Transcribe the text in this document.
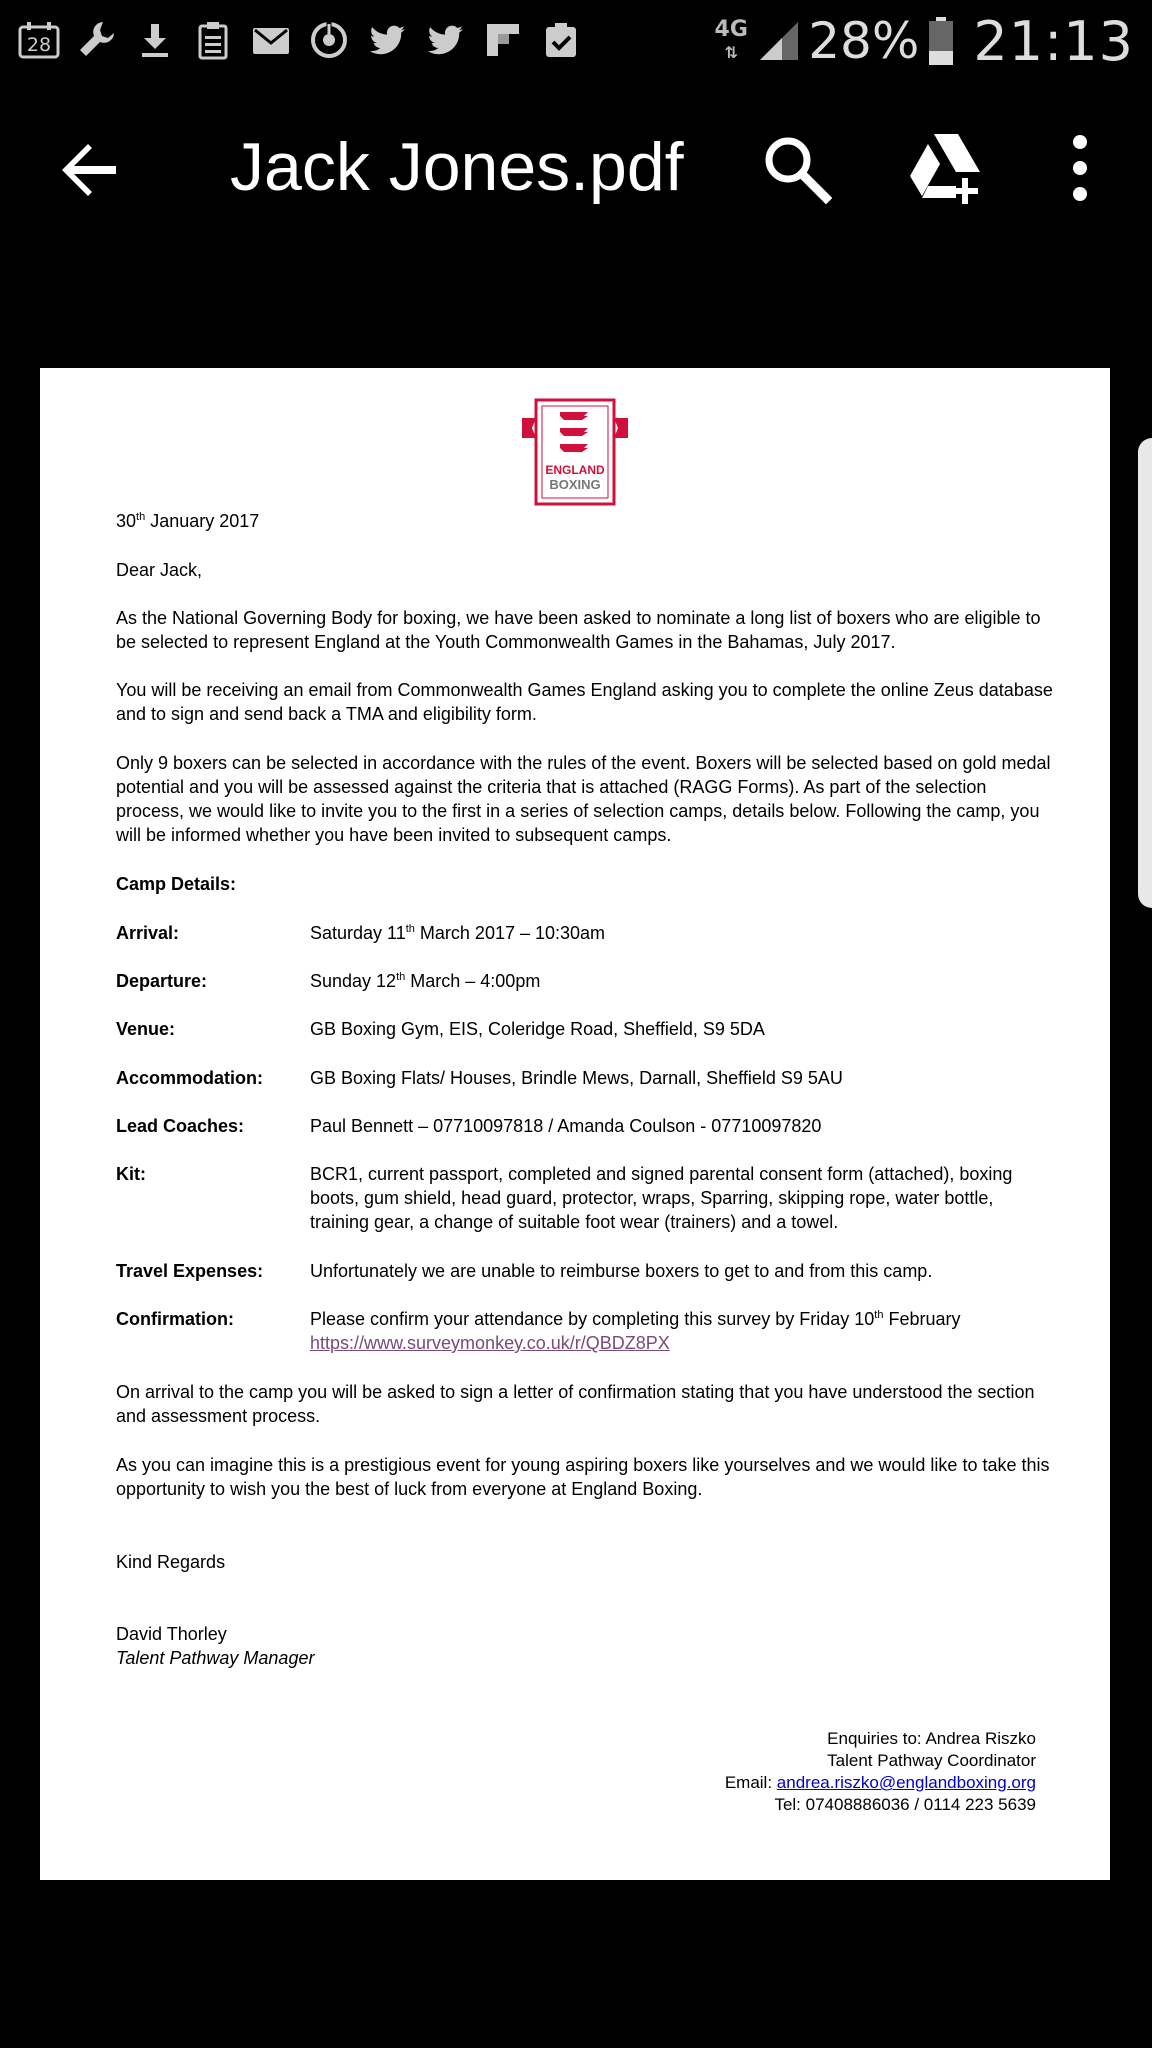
28
4G
⇅ 28% 21:13
Jack Jones.pdf
ENGLAND
BOXING
30th January 2017
Dear Jack,
As the National Governing Body for boxing, we have been asked to nominate a long list of boxers who are eligible to be selected to represent England at the Youth Commonwealth Games in the Bahamas, July 2017.
You will be receiving an email from Commonwealth Games England asking you to complete the online Zeus database and to sign and send back a TMA and eligibility form.
Only 9 boxers can be selected in accordance with the rules of the event. Boxers will be selected based on gold medal potential and you will be assessed against the criteria that is attached (RAGG Forms). As part of the selection process, we would like to invite you to the first in a series of selection camps, details below. Following the camp, you will be informed whether you have been invited to subsequent camps.
Camp Details:
Arrival:	Saturday 11th March 2017 – 10:30am
Departure:	Sunday 12th March – 4:00pm
Venue:	GB Boxing Gym, EIS, Coleridge Road, Sheffield, S9 5DA
Accommodation:	GB Boxing Flats/ Houses, Brindle Mews, Darnall, Sheffield S9 5AU
Lead Coaches:	Paul Bennett – 07710097818 / Amanda Coulson - 07710097820
Kit:	BCR1, current passport, completed and signed parental consent form (attached), boxing boots, gum shield, head guard, protector, wraps, Sparring, skipping rope, water bottle, training gear, a change of suitable foot wear (trainers) and a towel.
Travel Expenses:	Unfortunately we are unable to reimburse boxers to get to and from this camp.
Confirmation:	Please confirm your attendance by completing this survey by Friday 10th February
https://www.surveymonkey.co.uk/r/QBDZ8PX
On arrival to the camp you will be asked to sign a letter of confirmation stating that you have understood the section and assessment process.
As you can imagine this is a prestigious event for young aspiring boxers like yourselves and we would like to take this opportunity to wish you the best of luck from everyone at England Boxing.
Kind Regards
David Thorley
Talent Pathway Manager
Enquiries to: Andrea Riszko
Talent Pathway Coordinator
Email: andrea.riszko@englandboxing.org
Tel: 07408886036 / 0114 223 5639
